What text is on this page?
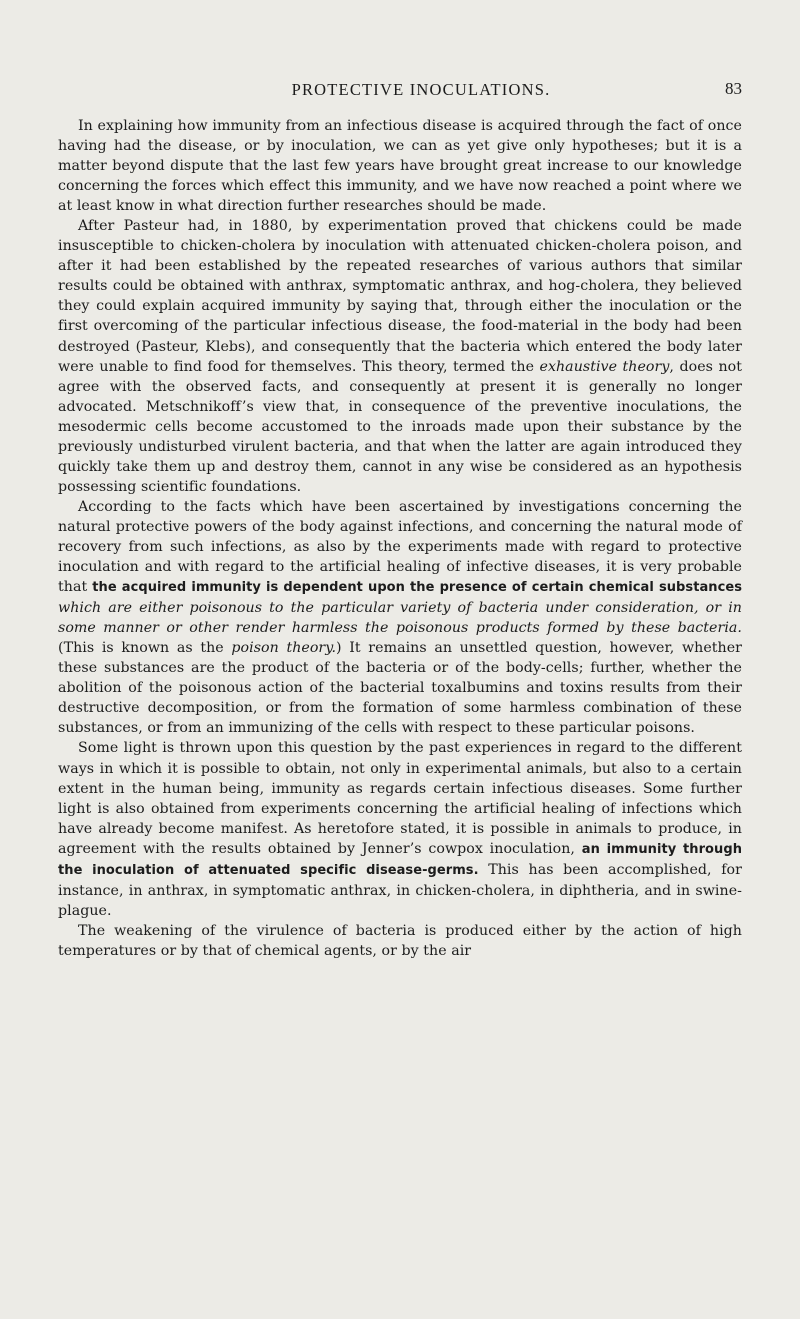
PROTECTIVE INOCULATIONS.	83

In explaining how immunity from an infectious disease is acquired through the fact of once having had the disease, or by inoculation, we can as yet give only hypotheses; but it is a matter beyond dispute that the last few years have brought great increase to our knowledge concerning the forces which effect this immunity, and we have now reached a point where we at least know in what direction further researches should be made.

After Pasteur had, in 1880, by experimentation proved that chickens could be made insusceptible to chicken-cholera by inoculation with attenuated chicken-cholera poison, and after it had been established by the repeated researches of various authors that similar results could be obtained with anthrax, symptomatic anthrax, and hog-cholera, they believed they could explain acquired immunity by saying that, through either the inoculation or the first overcoming of the particular infectious disease, the food-material in the body had been destroyed (Pasteur, Klebs), and consequently that the bacteria which entered the body later were unable to find food for themselves. This theory, termed the exhaustive theory, does not agree with the observed facts, and consequently at present it is generally no longer advocated. Metschnikoff’s view that, in consequence of the preventive inoculations, the mesodermic cells become accustomed to the inroads made upon their substance by the previously undisturbed virulent bacteria, and that when the latter are again introduced they quickly take them up and destroy them, cannot in any wise be considered as an hypothesis possessing scientific foundations.

According to the facts which have been ascertained by investigations concerning the natural protective powers of the body against infections, and concerning the natural mode of recovery from such infections, as also by the experiments made with regard to protective inoculation and with regard to the artificial healing of infective diseases, it is very probable that the acquired immunity is dependent upon the presence of certain chemical substances which are either poisonous to the particular variety of bacteria under consideration, or in some manner or other render harmless the poisonous products formed by these bacteria. (This is known as the poison theory.) It remains an unsettled question, however, whether these substances are the product of the bacteria or of the body-cells; further, whether the abolition of the poisonous action of the bacterial toxalbumins and toxins results from their destructive decomposition, or from the formation of some harmless combination of these substances, or from an immunizing of the cells with respect to these particular poisons.

Some light is thrown upon this question by the past experiences in regard to the different ways in which it is possible to obtain, not only in experimental animals, but also to a certain extent in the human being, immunity as regards certain infectious diseases. Some further light is also obtained from experiments concerning the artificial healing of infections which have already become manifest. As heretofore stated, it is possible in animals to produce, in agreement with the results obtained by Jenner’s cowpox inoculation, an immunity through the inoculation of attenuated specific disease-germs. This has been accomplished, for instance, in anthrax, in symptomatic anthrax, in chicken-cholera, in diphtheria, and in swine-plague.

The weakening of the virulence of bacteria is produced either by the action of high temperatures or by that of chemical agents, or by the air
